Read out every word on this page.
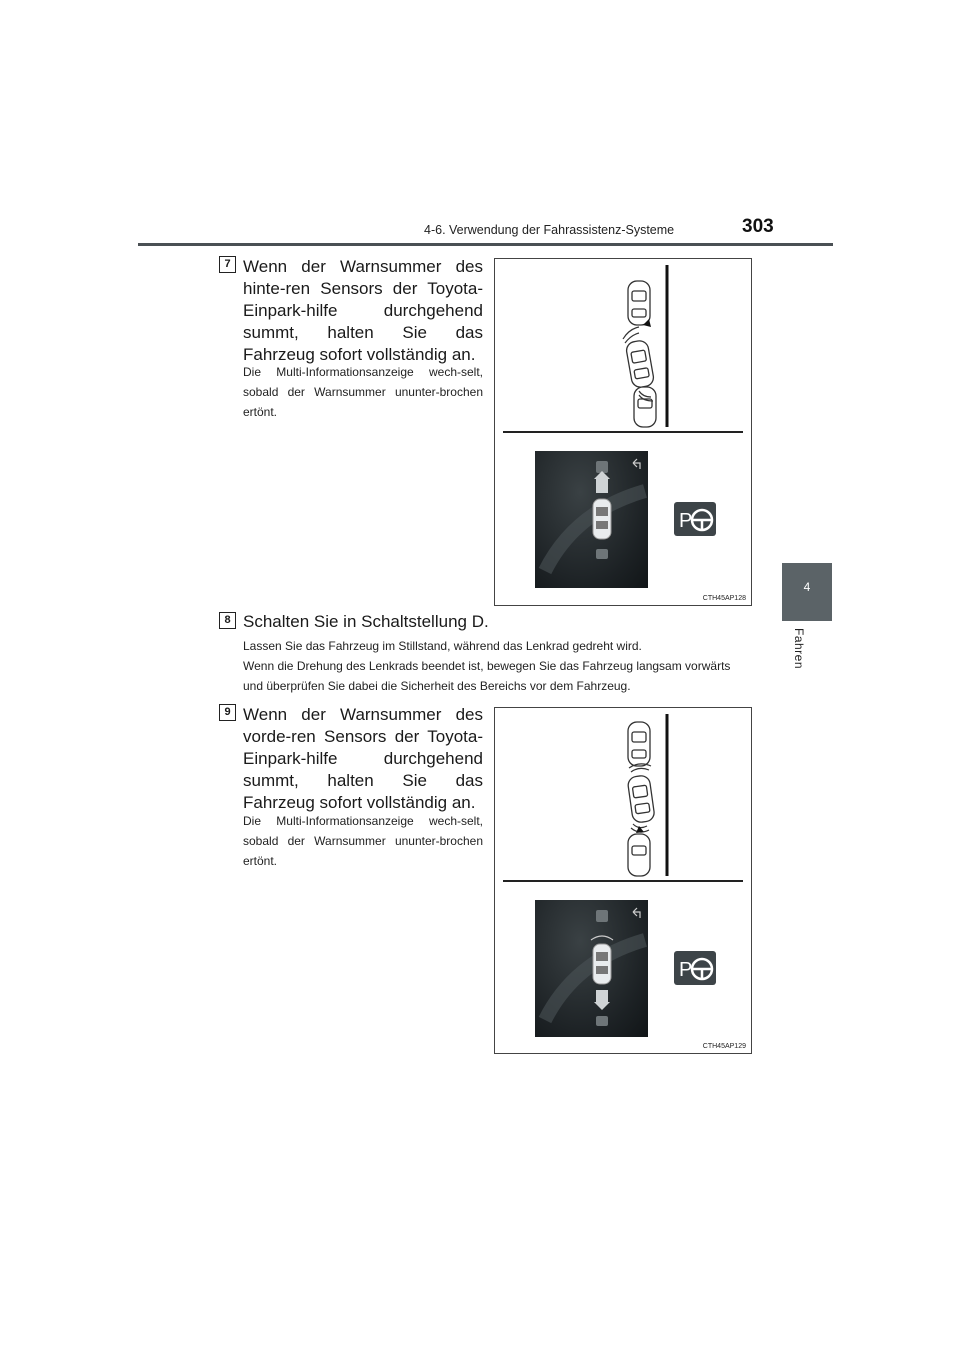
4-6. Verwendung der Fahrassistenz-Systeme	303
4
Fahren
7 Wenn der Warnsummer des hinte-ren Sensors der Toyota-Einpark-hilfe durchgehend summt, halten Sie das Fahrzeug sofort vollständig an.
Die Multi-Informationsanzeige wech-selt, sobald der Warnsummer ununter-brochen ertönt.
P
CTH45AP128
8 Schalten Sie in Schaltstellung D.
Lassen Sie das Fahrzeug im Stillstand, während das Lenkrad gedreht wird.
Wenn die Drehung des Lenkrads beendet ist, bewegen Sie das Fahrzeug langsam vorwärts und überprüfen Sie dabei die Sicherheit des Bereichs vor dem Fahrzeug.
9 Wenn der Warnsummer des vorde-ren Sensors der Toyota-Einpark-hilfe durchgehend summt, halten Sie das Fahrzeug sofort vollständig an.
Die Multi-Informationsanzeige wech-selt, sobald der Warnsummer ununter-brochen ertönt.
P
CTH45AP129
